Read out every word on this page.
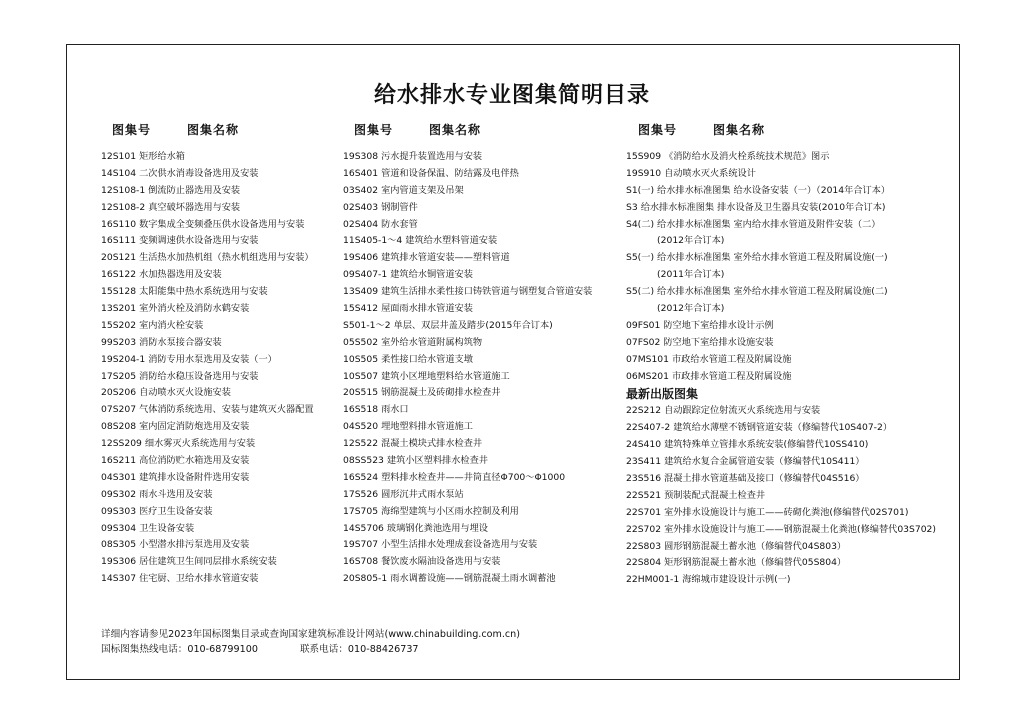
给水排水专业图集简明目录
图集号	图集名称	图集号	图集名称	图集号	图集名称
12S101 矩形给水箱
14S104 二次供水消毒设备选用及安装
12S108-1 倒流防止器选用及安装
12S108-2 真空破坏器选用与安装
16S110 数字集成全变频叠压供水设备选用与安装
16S111 变频调速供水设备选用与安装
20S121 生活热水加热机组（热水机组选用与安装）
16S122 水加热器选用及安装
15S128 太阳能集中热水系统选用与安装
13S201 室外消火栓及消防水鹤安装
15S202 室内消火栓安装
99S203 消防水泵接合器安装
19S204-1 消防专用水泵选用及安装（一）
17S205 消防给水稳压设备选用与安装
20S206 自动喷水灭火设施安装
07S207 气体消防系统选用、安装与建筑灭火器配置
08S208 室内固定消防炮选用及安装
12SS209 细水雾灭火系统选用与安装
16S211 高位消防贮水箱选用及安装
04S301 建筑排水设备附件选用安装
09S302 雨水斗选用及安装
09S303 医疗卫生设备安装
09S304 卫生设备安装
08S305 小型潜水排污泵选用及安装
19S306 居住建筑卫生间同层排水系统安装
14S307 住宅厨、卫给水排水管道安装
19S308 污水提升装置选用与安装
16S401 管道和设备保温、防结露及电伴热
03S402 室内管道支架及吊架
02S403 钢制管件
02S404 防水套管
11S405-1～4 建筑给水塑料管道安装
19S406 建筑排水管道安装——塑料管道
09S407-1 建筑给水铜管道安装
13S409 建筑生活排水柔性接口铸铁管道与钢塑复合管道安装
15S412 屋面雨水排水管道安装
S501-1～2 单层、双层井盖及踏步(2015年合订本)
05S502 室外给水管道附属构筑物
10S505 柔性接口给水管道支墩
10S507 建筑小区埋地塑料给水管道施工
20S515 钢筋混凝土及砖砌排水检查井
16S518 雨水口
04S520 埋地塑料排水管道施工
12S522 混凝土模块式排水检查井
08SS523 建筑小区塑料排水检查井
16S524 塑料排水检查井——井筒直径Φ700～Φ1000
17S526 圆形沉井式雨水泵站
17S705 海绵型建筑与小区雨水控制及利用
14S5706 玻璃钢化粪池选用与埋设
19S707 小型生活排水处理成套设备选用与安装
16S708 餐饮废水隔油设备选用与安装
20S805-1 雨水调蓄设施——钢筋混凝土雨水调蓄池
15S909 《消防给水及消火栓系统技术规范》图示
19S910 自动喷水灭火系统设计
S1(一) 给水排水标准图集 给水设备安装（一）（2014年合订本）
S3 给水排水标准图集 排水设备及卫生器具安装(2010年合订本)
S4(二) 给水排水标准图集 室内给水排水管道及附件安装（二）
(2012年合订本)
S5(一) 给水排水标准图集 室外给水排水管道工程及附属设施(一)
(2011年合订本)
S5(二) 给水排水标准图集 室外给水排水管道工程及附属设施(二)
(2012年合订本)
09FS01 防空地下室给排水设计示例
07FS02 防空地下室给排水设施安装
07MS101 市政给水管道工程及附属设施
06MS201 市政排水管道工程及附属设施
最新出版图集
22S212 自动跟踪定位射流灭火系统选用与安装
22S407-2 建筑给水薄壁不锈钢管道安装（修编替代10S407-2）
24S410 建筑特殊单立管排水系统安装(修编替代10SS410)
23S411 建筑给水复合金属管道安装（修编替代10S411）
23S516 混凝土排水管道基础及接口（修编替代04S516）
22S521 预制装配式混凝土检查井
22S701 室外排水设施设计与施工——砖砌化粪池(修编替代02S701)
22S702 室外排水设施设计与施工——钢筋混凝土化粪池(修编替代03S702)
22S803 圆形钢筋混凝土蓄水池（修编替代04S803）
22S804 矩形钢筋混凝土蓄水池（修编替代05S804）
22HM001-1 海绵城市建设设计示例(一)
详细内容请参见2023年国标图集目录或查询国家建筑标准设计网站(www.chinabuilding.com.cn)
国标图集热线电话：010-68799100	联系电话：010-88426737
